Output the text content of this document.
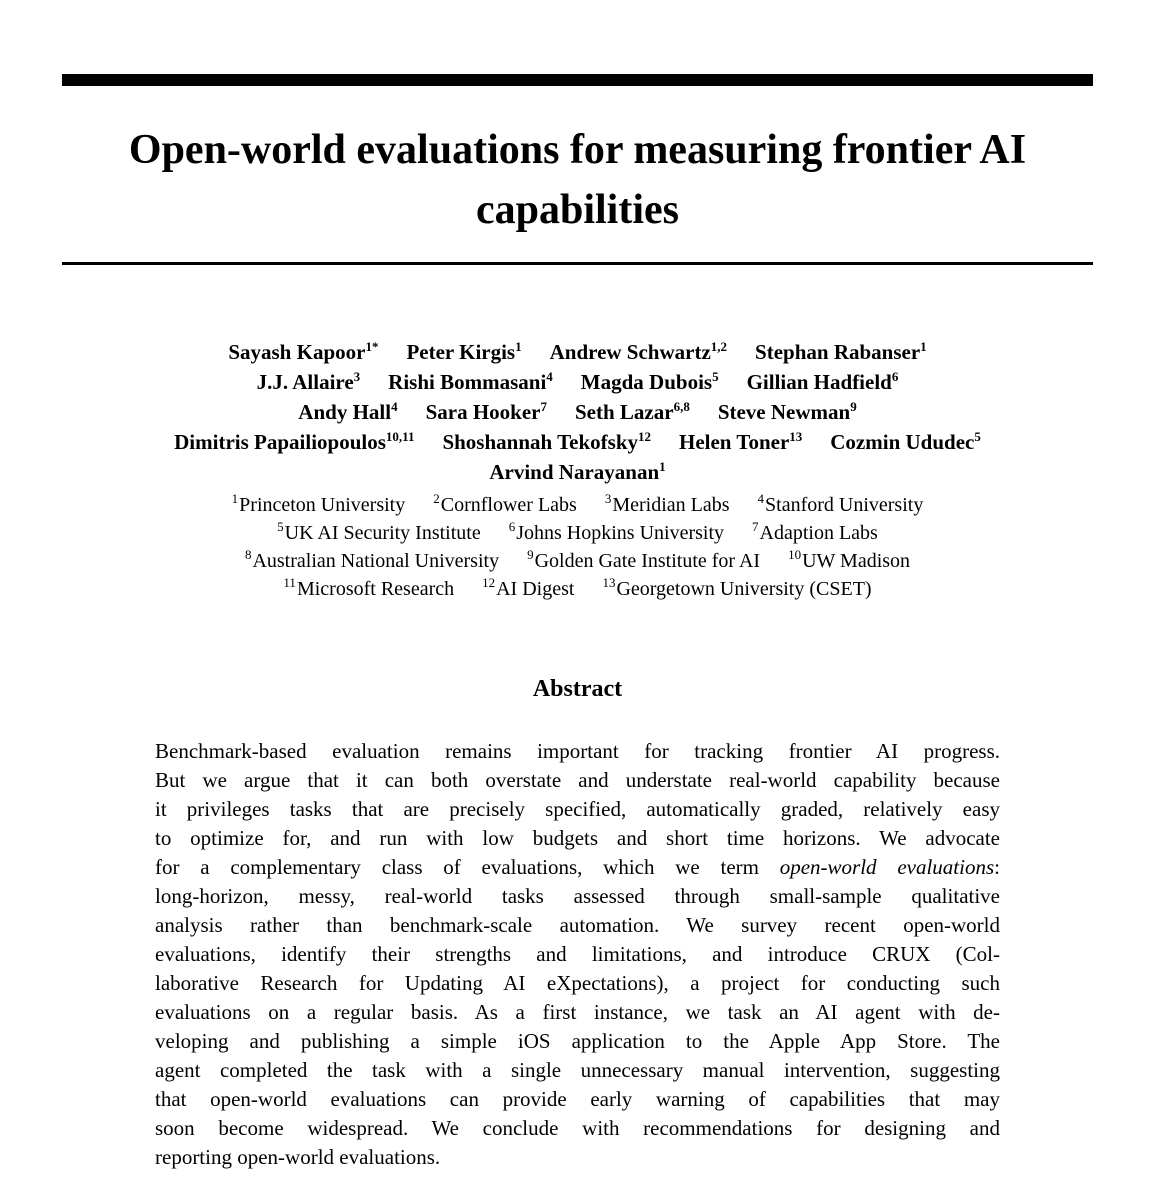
Open-world evaluations for measuring frontier AI
capabilities
Sayash Kapoor$^{1*}$ Peter Kirgis$^1$ Andrew Schwartz$^{1,2}$ Stephan Rabanser$^1$
J.J. Allaire$^3$ Rishi Bommasani$^4$ Magda Dubois$^5$ Gillian Hadfield$^6$
Andy Hall$^4$ Sara Hooker$^7$ Seth Lazar$^{6,8}$ Steve Newman$^9$
Dimitris Papailiopoulos$^{10,11}$ Shoshannah Tekofsky$^{12}$ Helen Toner$^{13}$ Cozmin Ududec$^5$
Arvind Narayanan$^1$
$^1$Princeton University $^2$Cornflower Labs $^3$Meridian Labs $^4$Stanford University
$^5$UK AI Security Institute $^6$Johns Hopkins University $^7$Adaption Labs
$^8$Australian National University $^9$Golden Gate Institute for AI $^{10}$UW Madison
$^{11}$Microsoft Research $^{12}$AI Digest $^{13}$Georgetown University (CSET)
Abstract
Benchmark-based evaluation remains important for tracking frontier AI progress.
But we argue that it can both overstate and understate real-world capability because
it privileges tasks that are precisely specified, automatically graded, relatively easy
to optimize for, and run with low budgets and short time horizons. We advocate
for a complementary class of evaluations, which we term open-world evaluations:
long-horizon, messy, real-world tasks assessed through small-sample qualitative
analysis rather than benchmark-scale automation. We survey recent open-world
evaluations, identify their strengths and limitations, and introduce CRUX (Col-
laborative Research for Updating AI eXpectations), a project for conducting such
evaluations on a regular basis. As a first instance, we task an AI agent with de-
veloping and publishing a simple iOS application to the Apple App Store. The
agent completed the task with a single unnecessary manual intervention, suggesting
that open-world evaluations can provide early warning of capabilities that may
soon become widespread. We conclude with recommendations for designing and
reporting open-world evaluations.
